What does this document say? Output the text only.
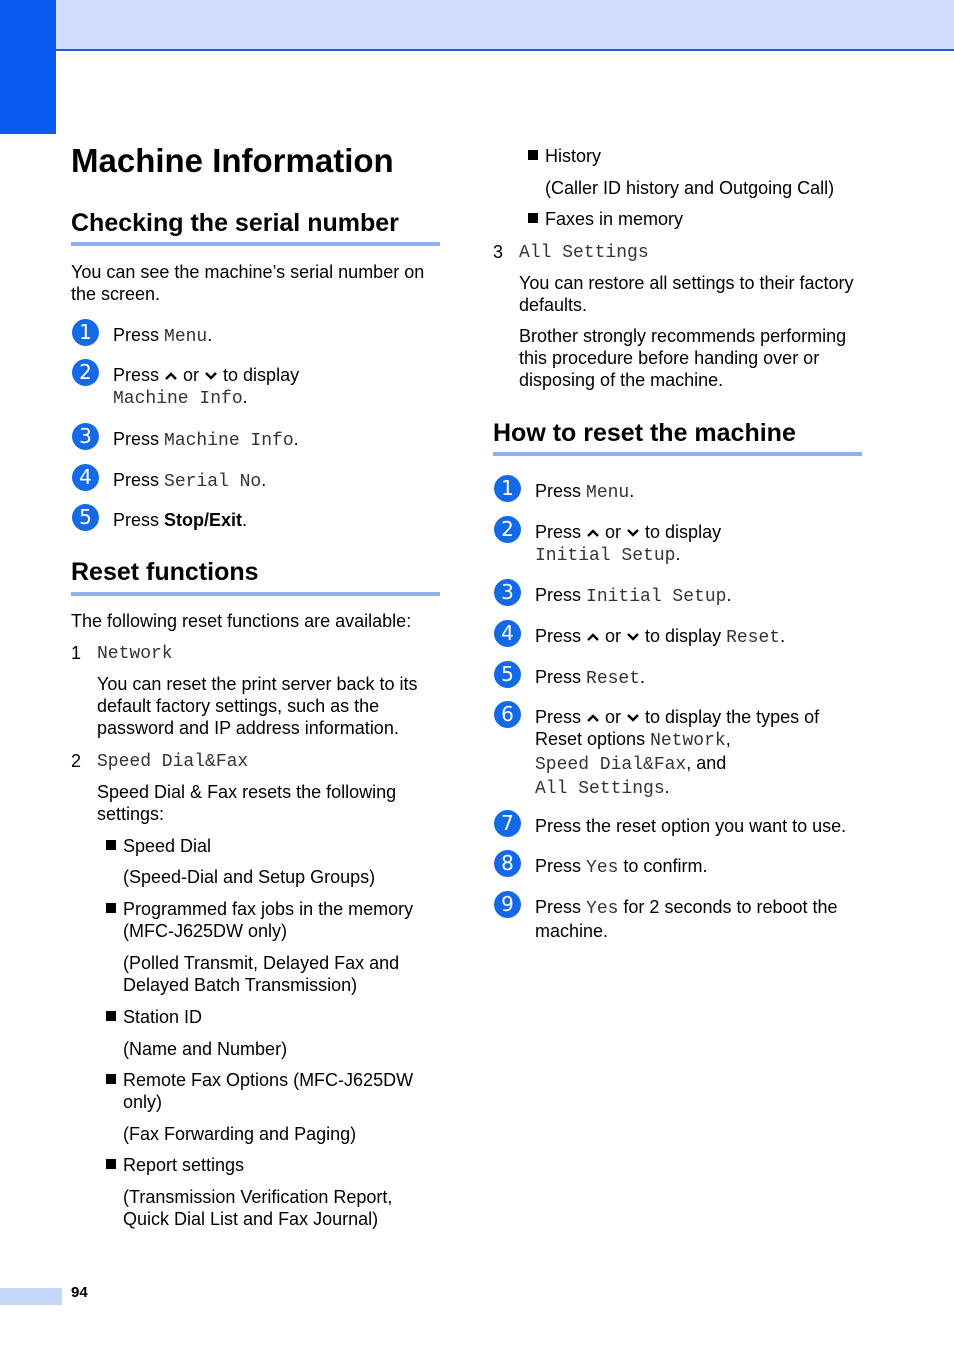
Machine Information
Checking the serial number
You can see the machine’s serial number on the screen.
1	Press Menu.
2	Press  or  to display
Machine Info.
3	Press Machine Info.
4	Press Serial No.
5	Press Stop/Exit.
Reset functions
The following reset functions are available:
1 Network
You can reset the print server back to its default factory settings, such as the password and IP address information.
2 Speed Dial&Fax
Speed Dial & Fax resets the following settings:
Speed Dial
(Speed-Dial and Setup Groups)
Programmed fax jobs in the memory (MFC-J625DW only)
(Polled Transmit, Delayed Fax and Delayed Batch Transmission)
Station ID
(Name and Number)
Remote Fax Options (MFC-J625DW only)
(Fax Forwarding and Paging)
Report settings
(Transmission Verification Report, Quick Dial List and Fax Journal)
History
(Caller ID history and Outgoing Call)
Faxes in memory
3 All Settings
You can restore all settings to their factory defaults.
Brother strongly recommends performing this procedure before handing over or disposing of the machine.
How to reset the machine
1	Press Menu.
2	Press  or  to display
Initial Setup.
3	Press Initial Setup.
4	Press  or  to display Reset.
5	Press Reset.
6	Press  or  to display the types of
Reset options Network,
Speed Dial&Fax, and
All Settings.
7	Press the reset option you want to use.
8	Press Yes to confirm.
9	Press Yes for 2 seconds to reboot the
machine.
94
